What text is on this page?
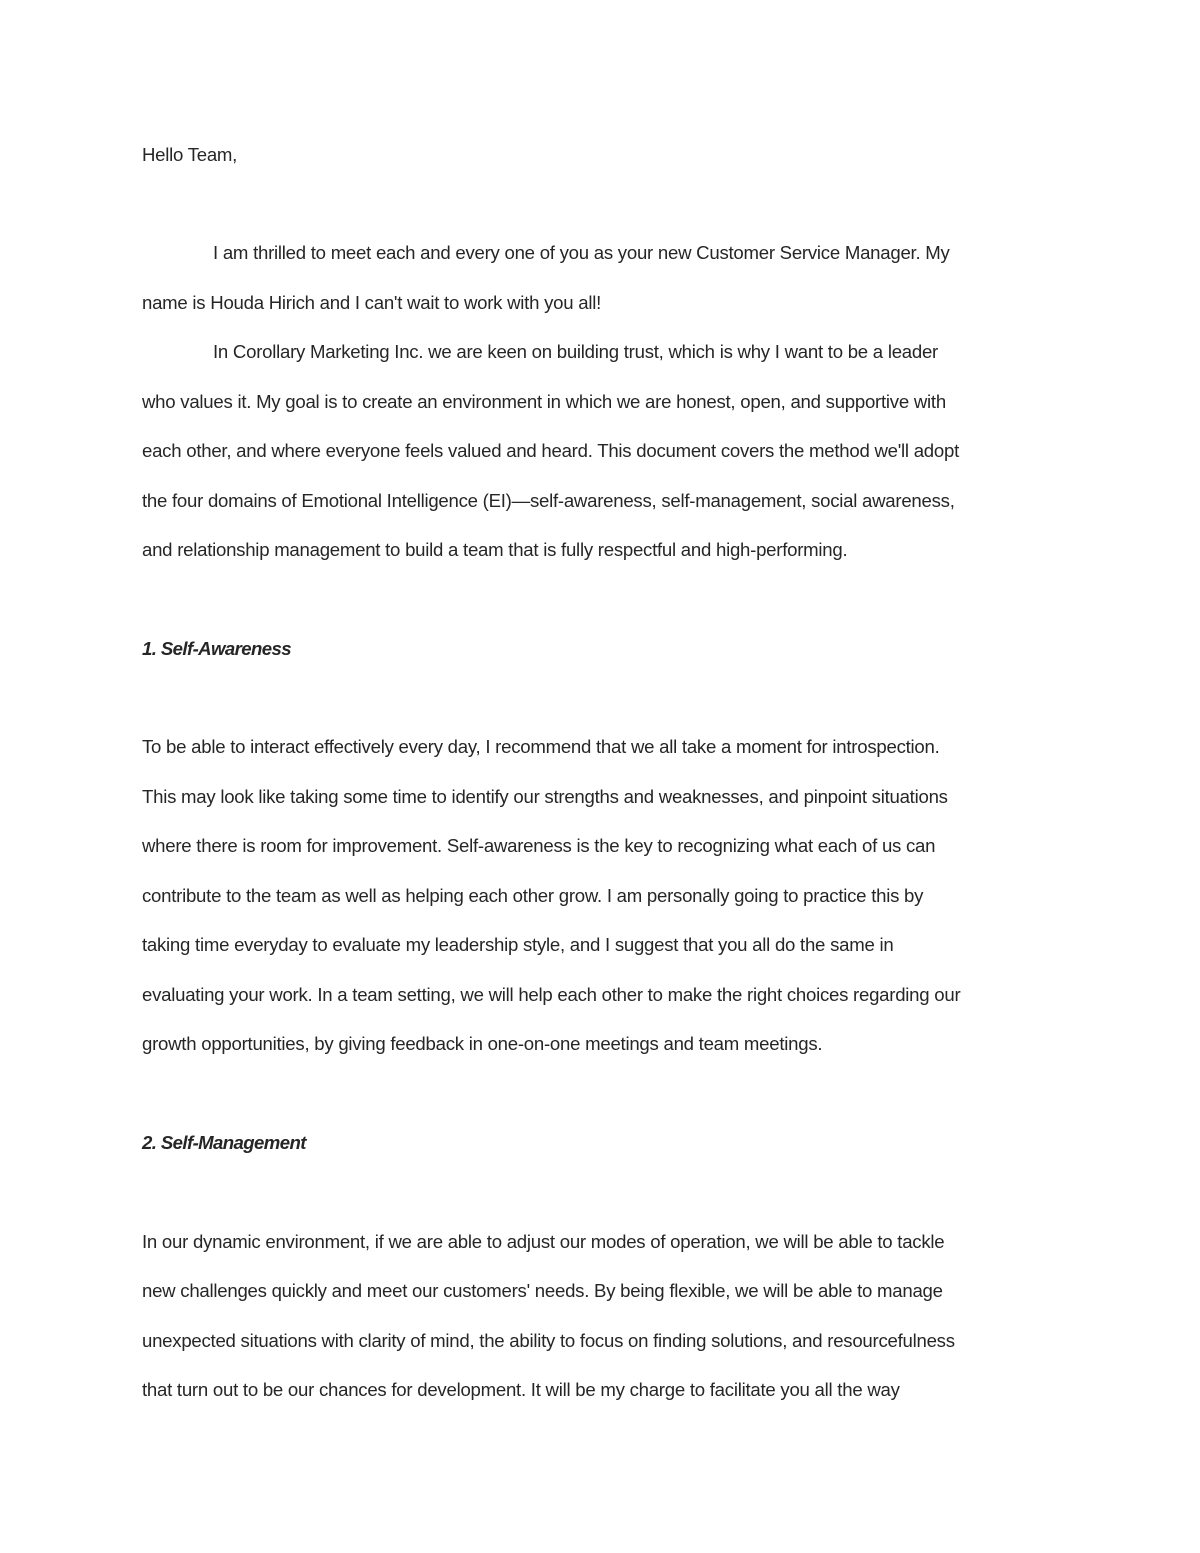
Hello Team,
I am thrilled to meet each and every one of you as your new Customer Service Manager. My
name is Houda Hirich and I can't wait to work with you all!
In Corollary Marketing Inc. we are keen on building trust, which is why I want to be a leader
who values it. My goal is to create an environment in which we are honest, open, and supportive with
each other, and where everyone feels valued and heard. This document covers the method we'll adopt
the four domains of Emotional Intelligence (EI)—self-awareness, self-management, social awareness,
and relationship management to build a team that is fully respectful and high-performing.
1. Self-Awareness
To be able to interact effectively every day, I recommend that we all take a moment for introspection.
This may look like taking some time to identify our strengths and weaknesses, and pinpoint situations
where there is room for improvement. Self-awareness is the key to recognizing what each of us can
contribute to the team as well as helping each other grow. I am personally going to practice this by
taking time everyday to evaluate my leadership style, and I suggest that you all do the same in
evaluating your work. In a team setting, we will help each other to make the right choices regarding our
growth opportunities, by giving feedback in one-on-one meetings and team meetings.
2. Self-Management
In our dynamic environment, if we are able to adjust our modes of operation, we will be able to tackle
new challenges quickly and meet our customers' needs. By being flexible, we will be able to manage
unexpected situations with clarity of mind, the ability to focus on finding solutions, and resourcefulness
that turn out to be our chances for development. It will be my charge to facilitate you all the way
